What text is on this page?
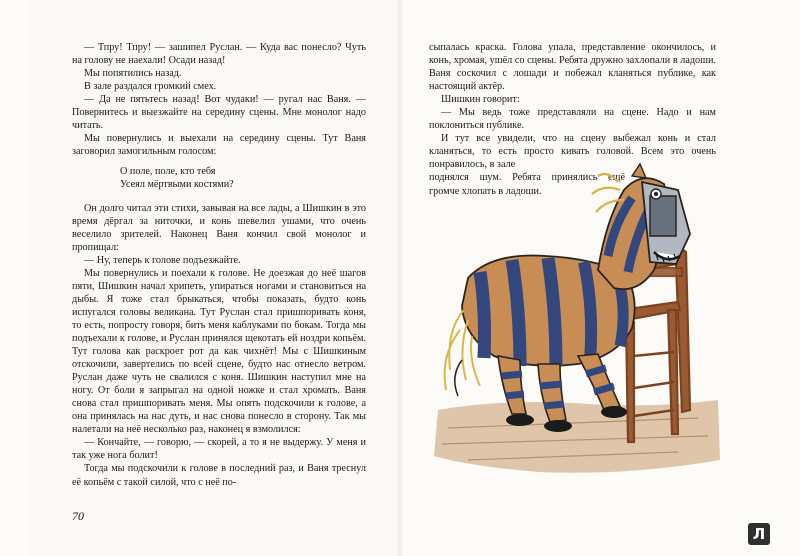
— Тпру! Тпру! — зашипел Руслан. — Куда вас понесло? Чуть на голову не наехали! Осади назад!

Мы попятились назад.

В зале раздался громкий смех.

— Да не пятьтесь назад! Вот чудаки! — ругал нас Ваня. — Повернитесь и выезжайте на середину сцены. Мне монолог надо читать.

Мы повернулись и выехали на середину сцены. Тут Ваня заговорил замогильным голосом:

О поле, поле, кто тебя
Усеял мёртвыми костями?

Он долго читал эти стихи, завывая на все лады, а Шишкин в это время дёргал за ниточки, и конь шевелил ушами, что очень веселило зрителей. Наконец Ваня кончил свой монолог и пропищал:

— Ну, теперь к голове подъезжайте.

Мы повернулись и поехали к голове. Не доезжая до неё шагов пяти, Шишкин начал хрипеть, упираться ногами и становиться на дыбы. Я тоже стал брыкаться, чтобы показать, будто конь испугался головы великана. Тут Руслан стал пришпоривать коня, то есть, попросту говоря, бить меня каблуками по бокам. Тогда мы подъехали к голове, и Руслан принялся щекотать ей ноздри копьём. Тут голова как раскроет рот да как чихнёт! Мы с Шишкиным отскочили, завертелись по всей сцене, будто нас отнесло ветром. Руслан даже чуть не свалился с коня. Шишкин наступил мне на ногу. От боли я запрыгал на одной ножке и стал хромать. Ваня снова стал пришпоривать меня. Мы опять подскочили к голове, а она принялась на нас дуть, и нас снова понесло в сторону. Так мы налетали на неё несколько раз, наконец я взмолился:

— Кончайте, — говорю, — скорей, а то я не выдержу. У меня и так уже нога болит!

Тогда мы подскочили к голове в последний раз, и Ваня треснул её копьём с такой силой, что с неё по-

70

сыпалась краска. Голова упала, представление окончилось, и конь, хромая, ушёл со сцены. Ребята дружно захлопали в ладоши. Ваня соскочил с лошади и побежал кланяться публике, как настоящий актёр.

Шишкин говорит:

— Мы ведь тоже представляли на сцене. Надо и нам поклониться публике.

И тут все увидели, что на сцену выбежал конь и стал кланяться, то есть просто кивать головой. Всем это очень понравилось, в зале

поднялся шум. Ребята принялись ещё громче хлопать в ладоши.

Л
